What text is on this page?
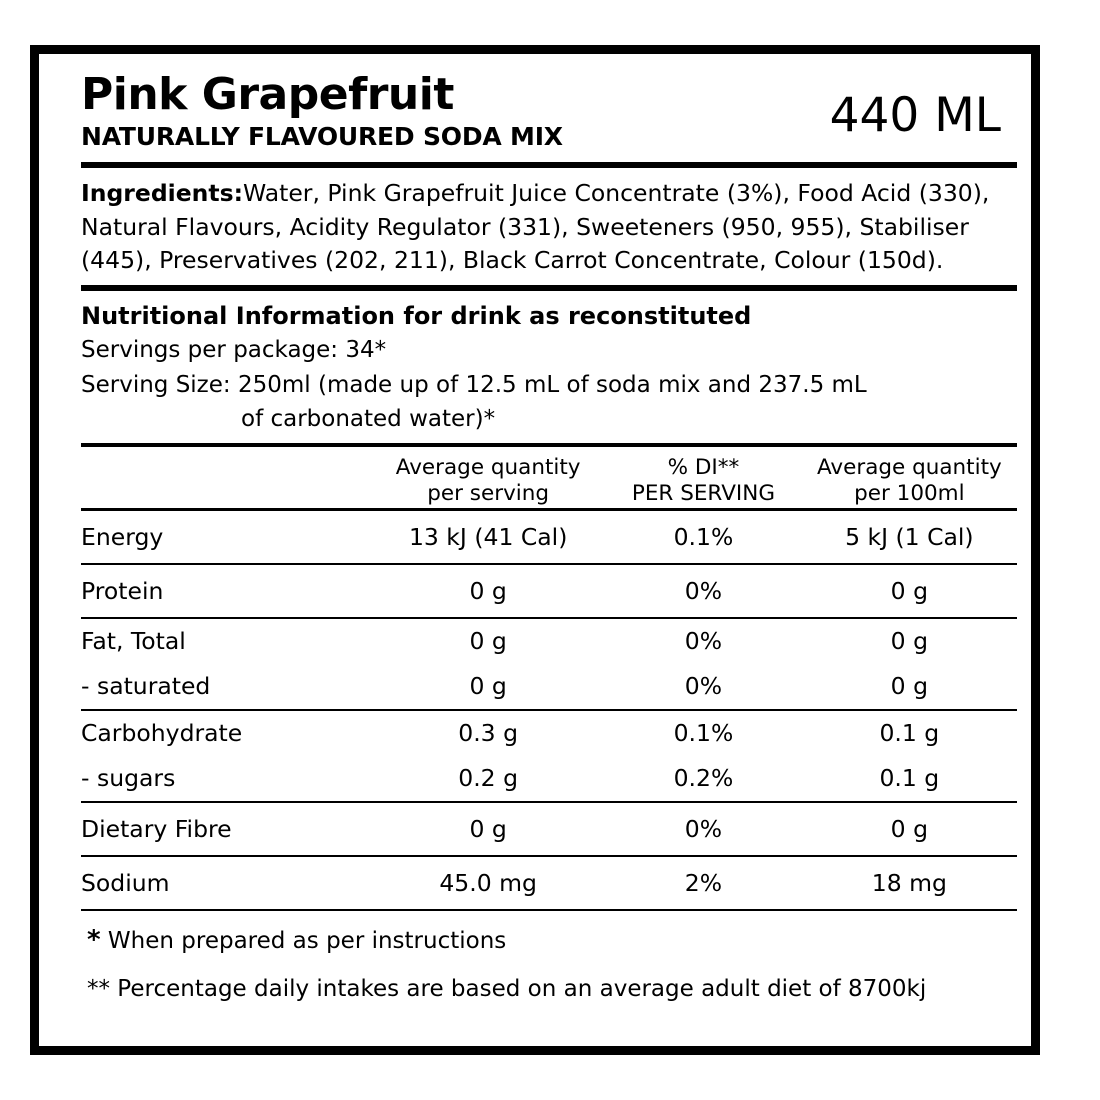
Pink Grapefruit
NATURALLY FLAVOURED SODA MIX	440 ML
Ingredients:Water, Pink Grapefruit Juice Concentrate (3%), Food Acid (330), Natural Flavours, Acidity Regulator (331), Sweeteners (950, 955), Stabiliser (445), Preservatives (202, 211), Black Carrot Concentrate, Colour (150d).
Nutritional Information for drink as reconstituted
Servings per package: 34*
Serving Size: 250ml (made up of 12.5 mL of soda mix and 237.5 mL
of carbonated water)*

Average quantity
per serving

% DI**
PER SERVING

Average quantity
per 100ml

Energy	13 kJ (41 Cal)	0.1%	5 kJ (1 Cal)
Protein	0 g	0%	0 g
Fat, Total	0 g	0%	0 g
- saturated	0 g	0%	0 g
Carbohydrate	0.3 g	0.1%	0.1 g
- sugars	0.2 g	0.2%	0.1 g
Dietary Fibre	0 g	0%	0 g
Sodium	45.0 mg	2%	18 mg
* When prepared as per instructions
** Percentage daily intakes are based on an average adult diet of 8700kj
